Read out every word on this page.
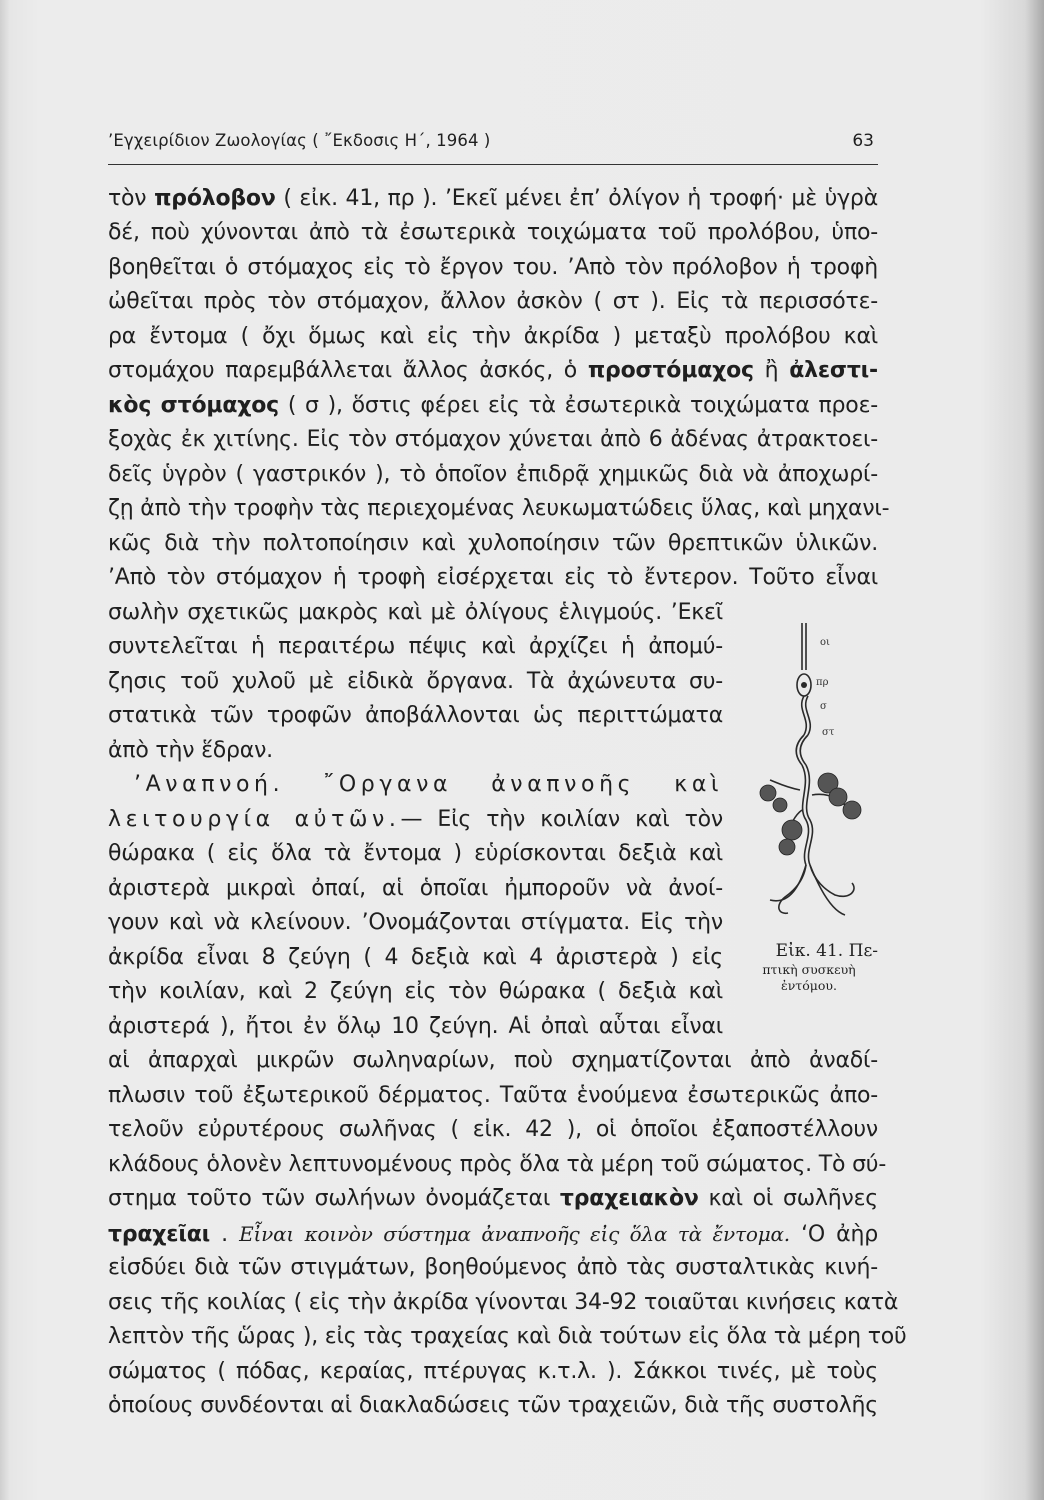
’Εγχειρίδιον Ζωολογίας ( ῎Εκδοσις Η΄, 1964 )	63
τὸν πρόλοβον ( εἰκ. 41, πρ ). ’Εκεῖ μένει ἐπ’ ὀλίγον ἡ τροφή· μὲ ὑγρὰ
δέ, ποὺ χύνονται ἀπὸ τὰ ἐσωτερικὰ τοιχώματα τοῦ προλόβου, ὑπο-
βοηθεῖται ὁ στόμαχος εἰς τὸ ἔργον του. ’Απὸ τὸν πρόλοβον ἡ τροφὴ
ὠθεῖται πρὸς τὸν στόμαχον, ἄλλον ἀσκὸν ( στ ). Εἰς τὰ περισσότε-
ρα ἔντομα ( ὄχι ὅμως καὶ εἰς τὴν ἀκρίδα ) μεταξὺ προλόβου καὶ
στομάχου παρεμβάλλεται ἄλλος ἀσκός, ὁ προστόμαχος ἢ ἀλεστι-
κὸς στόμαχος ( σ ), ὅστις φέρει εἰς τὰ ἐσωτερικὰ τοιχώματα προε-
ξοχὰς ἐκ χιτίνης. Εἰς τὸν στόμαχον χύνεται ἀπὸ 6 ἀδένας ἀτρακτοει-
δεῖς ὑγρὸν ( γαστρικόν ), τὸ ὁποῖον ἐπιδρᾷ χημικῶς διὰ νὰ ἀποχωρί-
ζῃ ἀπὸ τὴν τροφὴν τὰς περιεχομένας λευκωματώδεις ὕλας, καὶ μηχανι-
κῶς διὰ τὴν πολτοποίησιν καὶ χυλοποίησιν τῶν θρεπτικῶν ὑλικῶν.
’Απὸ τὸν στόμαχον ἡ τροφὴ εἰσέρχεται εἰς τὸ ἔντερον. Τοῦτο εἶναι
σωλὴν σχετικῶς μακρὸς καὶ μὲ ὀλίγους ἑλιγμούς. ’Εκεῖ
συντελεῖται ἡ περαιτέρω πέψις καὶ ἀρχίζει ἡ ἀπομύ-
ζησις τοῦ χυλοῦ μὲ εἰδικὰ ὄργανα. Τὰ ἀχώνευτα συ-
στατικὰ τῶν τροφῶν ἀποβάλλονται ὡς περιττώματα
ἀπὸ τὴν ἕδραν.
’Αναπνοή. ῎Οργανα ἀναπνοῆς καὶ
λειτουργία αὐτῶν.— Εἰς τὴν κοιλίαν καὶ τὸν
θώρακα ( εἰς ὅλα τὰ ἔντομα ) εὑρίσκονται δεξιὰ καὶ
ἀριστερὰ μικραὶ ὀπαί, αἱ ὁποῖαι ἠμποροῦν νὰ ἀνοί-
γουν καὶ νὰ κλείνουν. ’Ονομάζονται στίγματα. Εἰς τὴν
ἀκρίδα εἶναι 8 ζεύγη ( 4 δεξιὰ καὶ 4 ἀριστερὰ ) εἰς
τὴν κοιλίαν, καὶ 2 ζεύγη εἰς τὸν θώρακα ( δεξιὰ καὶ
ἀριστερά ), ἤτοι ἐν ὅλῳ 10 ζεύγη. Αἱ ὀπαὶ αὗται εἶναι
αἱ ἀπαρχαὶ μικρῶν σωληναρίων, ποὺ σχηματίζονται ἀπὸ ἀναδί-
πλωσιν τοῦ ἐξωτερικοῦ δέρματος. Ταῦτα ἑνούμενα ἐσωτερικῶς ἀπο-
τελοῦν εὐρυτέρους σωλῆνας ( εἰκ. 42 ), οἱ ὁποῖοι ἐξαποστέλλουν
κλάδους ὁλονὲν λεπτυνομένους πρὸς ὅλα τὰ μέρη τοῦ σώματος. Τὸ σύ-
στημα τοῦτο τῶν σωλήνων ὀνομάζεται τραχειακὸν καὶ οἱ σωλῆνες
τραχεῖαι . Εἶναι κοινὸν σύστημα ἀναπνοῆς εἰς ὅλα τὰ ἔντομα. ‘Ο ἀὴρ
εἰσδύει διὰ τῶν στιγμάτων, βοηθούμενος ἀπὸ τὰς συσταλτικὰς κινή-
σεις τῆς κοιλίας ( εἰς τὴν ἀκρίδα γίνονται 34-92 τοιαῦται κινήσεις κατὰ
λεπτὸν τῆς ὥρας ), εἰς τὰς τραχείας καὶ διὰ τούτων εἰς ὅλα τὰ μέρη τοῦ
σώματος ( πόδας, κεραίας, πτέρυγας κ.τ.λ. ). Σάκκοι τινές, μὲ τοὺς
ὁποίους συνδέονται αἱ διακλαδώσεις τῶν τραχειῶν, διὰ τῆς συστολῆς
οι
πρ
σ
στ
Εἰκ. 41. Πε-
πτικὴ συσκευὴ
ἐντόμου.
